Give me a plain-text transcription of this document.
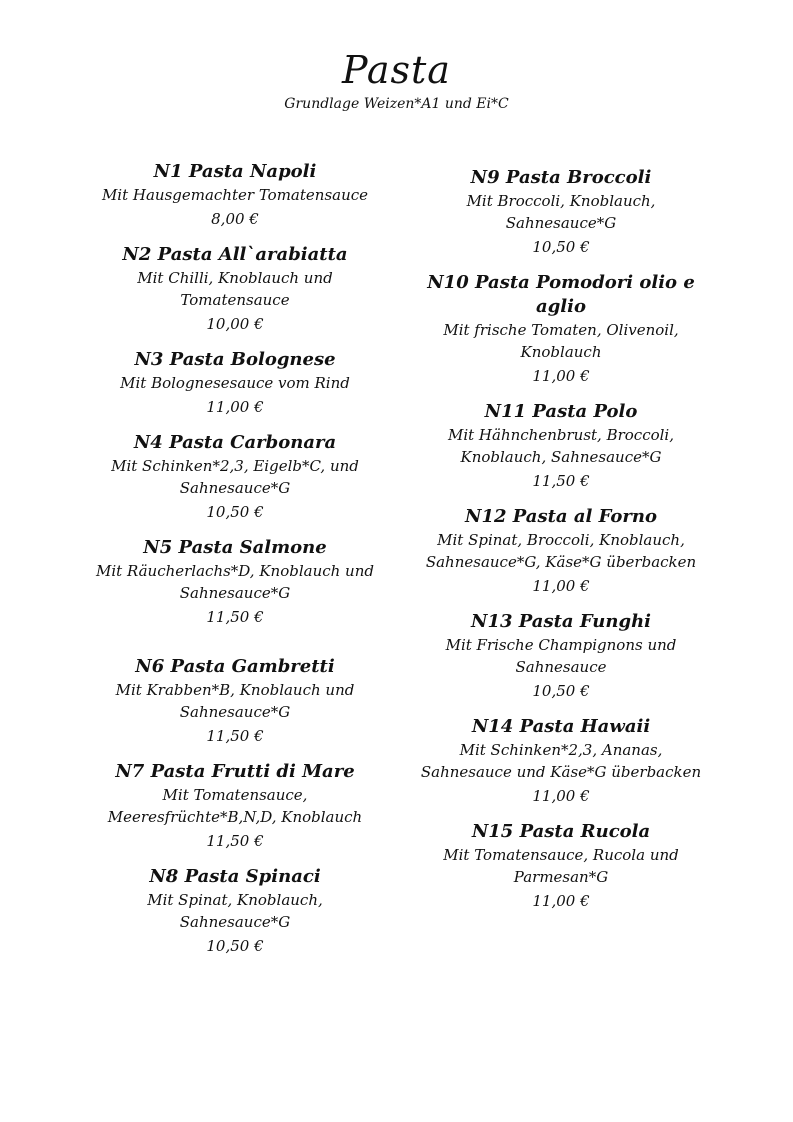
Pasta
Grundlage Weizen*A1 und Ei*C
N1 Pasta Napoli
Mit Hausgemachter Tomatensauce
8,00 €
N2 Pasta All`arabiatta
Mit Chilli, Knoblauch und Tomatensauce
10,00 €
N3 Pasta Bolognese
Mit Bolognesesauce vom Rind
11,00 €
N4 Pasta Carbonara
Mit Schinken*2,3, Eigelb*C, und Sahnesauce*G
10,50 €
N5 Pasta Salmone
Mit Räucherlachs*D, Knoblauch und Sahnesauce*G
11,50 €
N6 Pasta Gambretti
Mit Krabben*B, Knoblauch und Sahnesauce*G
11,50 €
N7 Pasta Frutti di Mare
Mit Tomatensauce, Meeresfrüchte*B,N,D, Knoblauch
11,50 €
N8 Pasta Spinaci
Mit Spinat, Knoblauch, Sahnesauce*G
10,50 €
N9 Pasta Broccoli
Mit Broccoli, Knoblauch, Sahnesauce*G
10,50 €
N10 Pasta Pomodori olio e aglio
Mit frische Tomaten, Olivenoil, Knoblauch
11,00 €
N11 Pasta Polo
Mit Hähnchenbrust, Broccoli, Knoblauch, Sahnesauce*G
11,50 €
N12 Pasta al Forno
Mit Spinat, Broccoli, Knoblauch, Sahnesauce*G, Käse*G überbacken
11,00 €
N13 Pasta Funghi
Mit Frische Champignons und Sahnesauce
10,50 €
N14 Pasta Hawaii
Mit Schinken*2,3, Ananas, Sahnesauce und Käse*G überbacken
11,00 €
N15 Pasta Rucola
Mit Tomatensauce, Rucola und Parmesan*G
11,00 €
